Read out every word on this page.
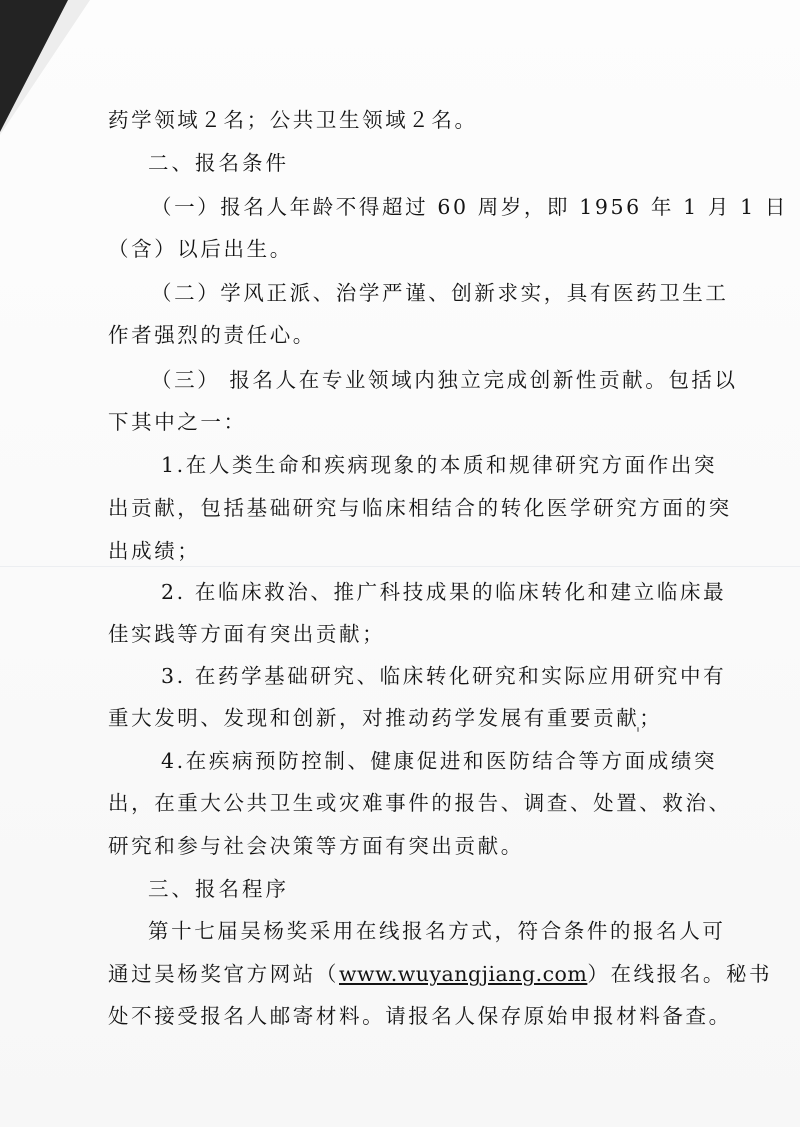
药学领域２名；公共卫生领域２名。
二、报名条件
（一）报名人年龄不得超过 60 周岁，即 1956 年 1 月 1 日
（含）以后出生。
（二）学风正派、治学严谨、创新求实，具有医药卫生工
作者强烈的责任心。
（三） 报名人在专业领域内独立完成创新性贡献。包括以
下其中之一：
1.在人类生命和疾病现象的本质和规律研究方面作出突
出贡献，包括基础研究与临床相结合的转化医学研究方面的突
出成绩；
2. 在临床救治、推广科技成果的临床转化和建立临床最
佳实践等方面有突出贡献；
3. 在药学基础研究、临床转化研究和实际应用研究中有
重大发明、发现和创新，对推动药学发展有重要贡献；
4.在疾病预防控制、健康促进和医防结合等方面成绩突
出，在重大公共卫生或灾难事件的报告、调查、处置、救治、
研究和参与社会决策等方面有突出贡献。
三、报名程序
第十七届吴杨奖采用在线报名方式，符合条件的报名人可
通过吴杨奖官方网站（www.wuyangjiang.com）在线报名。秘书
处不接受报名人邮寄材料。请报名人保存原始申报材料备查。
